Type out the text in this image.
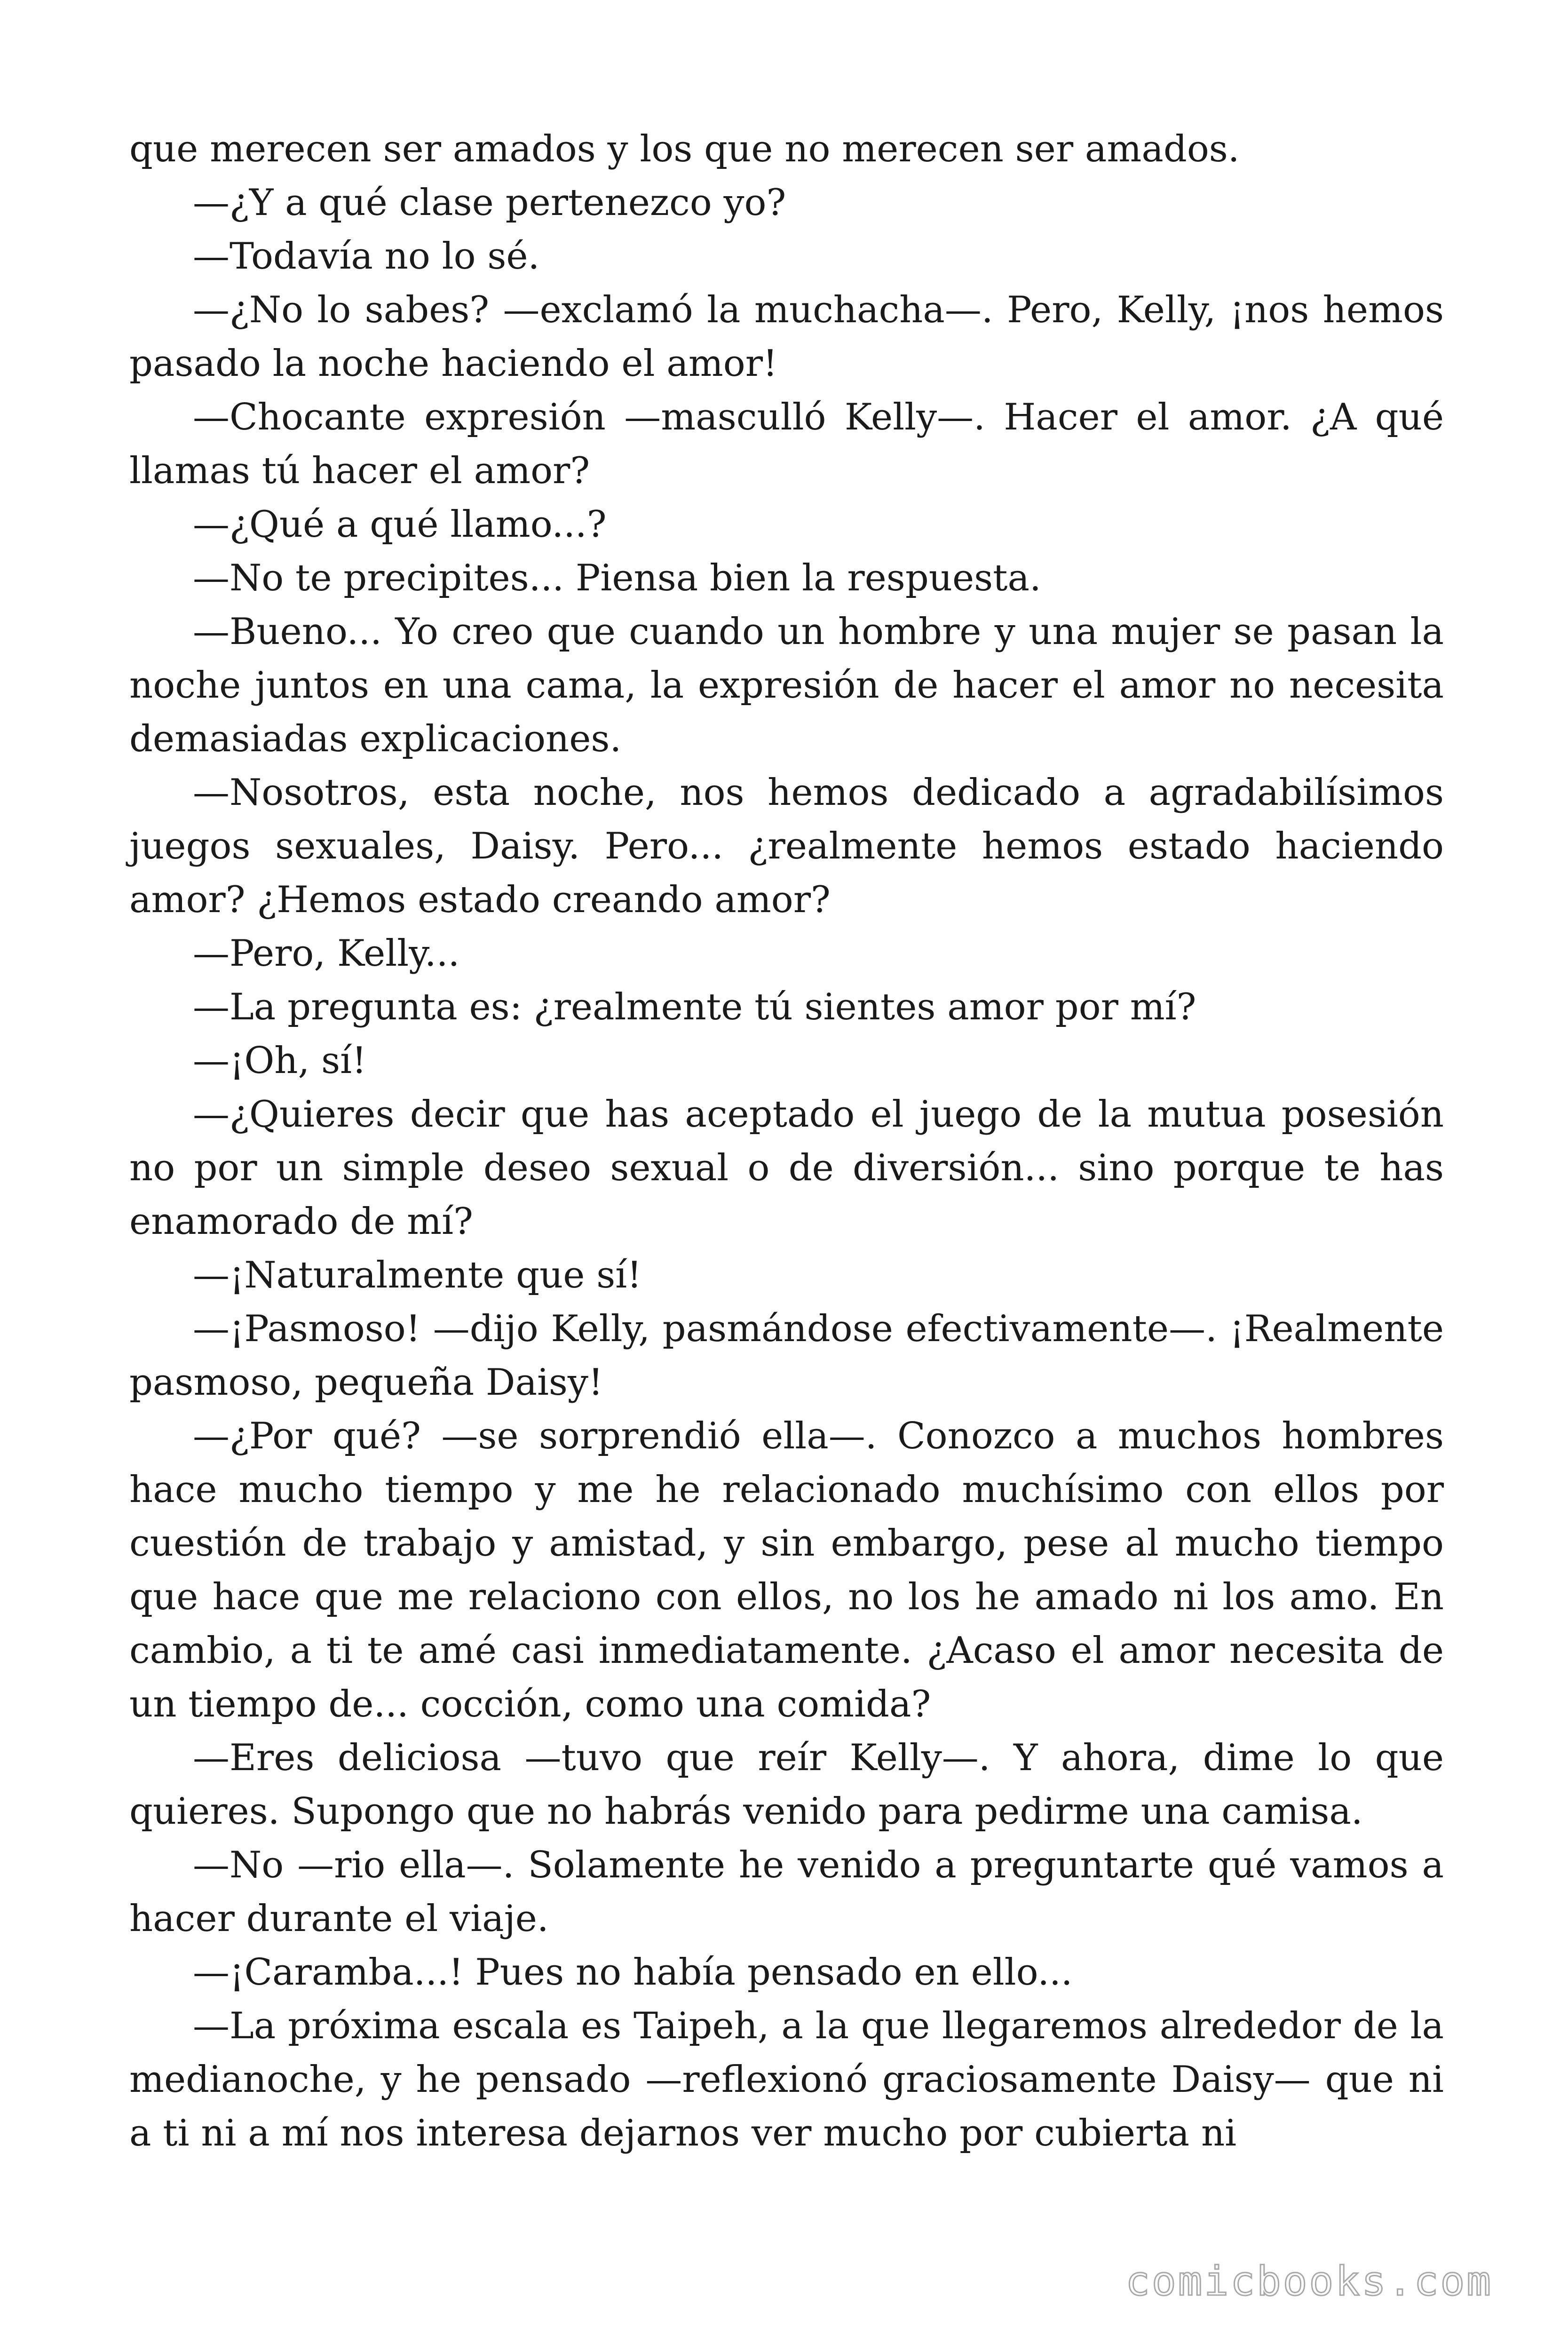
que merecen ser amados y los que no merecen ser amados.

—¿Y a qué clase pertenezco yo?

—Todavía no lo sé.

—¿No lo sabes? —exclamó la muchacha—. Pero, Kelly, ¡nos hemos pasado la noche haciendo el amor!

—Chocante expresión —masculló Kelly—. Hacer el amor. ¿A qué llamas tú hacer el amor?

—¿Qué a qué llamo...?

—No te precipites... Piensa bien la respuesta.

—Bueno... Yo creo que cuando un hombre y una mujer se pasan la noche juntos en una cama, la expresión de hacer el amor no necesita demasiadas explicaciones.

—Nosotros, esta noche, nos hemos dedicado a agradabilísimos juegos sexuales, Daisy. Pero... ¿realmente hemos estado haciendo amor? ¿Hemos estado creando amor?

—Pero, Kelly...

—La pregunta es: ¿realmente tú sientes amor por mí?

—¡Oh, sí!

—¿Quieres decir que has aceptado el juego de la mutua posesión no por un simple deseo sexual o de diversión... sino porque te has enamorado de mí?

—¡Naturalmente que sí!

—¡Pasmoso! —dijo Kelly, pasmándose efectivamente—. ¡Realmente pasmoso, pequeña Daisy!

—¿Por qué? —se sorprendió ella—. Conozco a muchos hombres hace mucho tiempo y me he relacionado muchísimo con ellos por cuestión de trabajo y amistad, y sin embargo, pese al mucho tiempo que hace que me relaciono con ellos, no los he amado ni los amo. En cambio, a ti te amé casi inmediatamente. ¿Acaso el amor necesita de un tiempo de... cocción, como una comida?

—Eres deliciosa —tuvo que reír Kelly—. Y ahora, dime lo que quieres. Supongo que no habrás venido para pedirme una camisa.

—No —rio ella—. Solamente he venido a preguntarte qué vamos a hacer durante el viaje.

—¡Caramba...! Pues no había pensado en ello...

—La próxima escala es Taipeh, a la que llegaremos alrededor de la medianoche, y he pensado —reflexionó graciosamente Daisy— que ni a ti ni a mí nos interesa dejarnos ver mucho por cubierta ni

comicbooks.com
